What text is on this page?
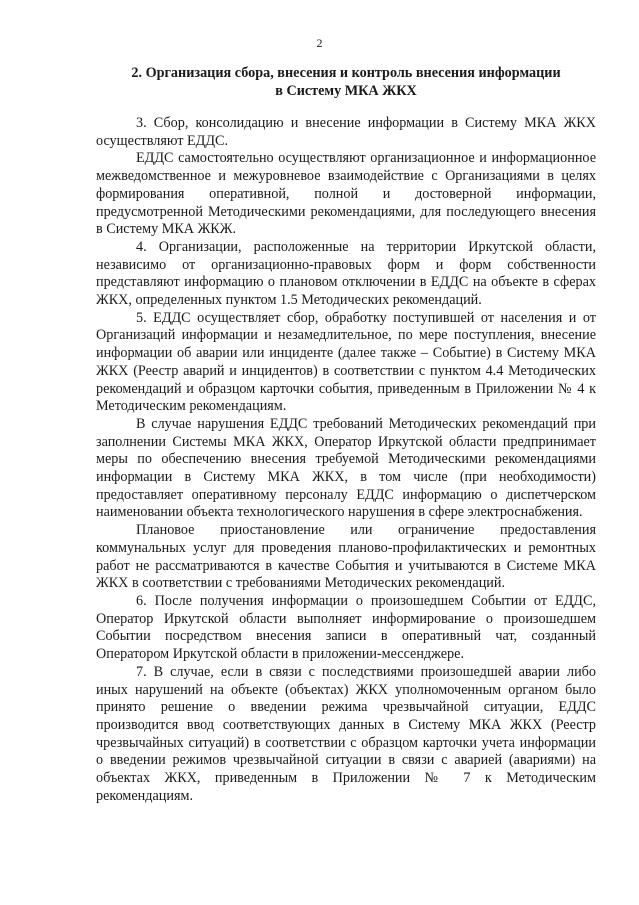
2
2. Организация сбора, внесения и контроль внесения информации
в Систему МКА ЖКХ

3. Сбор, консолидацию и внесение информации в Систему МКА ЖКХ осуществляют ЕДДС.

ЕДДС самостоятельно осуществляют организационное и информационное межведомственное и межуровневое взаимодействие с Организациями в целях формирования оперативной, полной и достоверной информации, предусмотренной Методическими рекомендациями, для последующего внесения в Систему МКА ЖКЖ.

4. Организации, расположенные на территории Иркутской области, независимо от организационно-правовых форм и форм собственности представляют информацию о плановом отключении в ЕДДС на объекте в сферах ЖКХ, определенных пунктом 1.5 Методических рекомендаций.

5. ЕДДС осуществляет сбор, обработку поступившей от населения и от Организаций информации и незамедлительное, по мере поступления, внесение информации об аварии или инциденте (далее также – Событие) в Систему МКА ЖКХ (Реестр аварий и инцидентов) в соответствии с пунктом 4.4 Методических рекомендаций и образцом карточки события, приведенным в Приложении № 4 к Методическим рекомендациям.

В случае нарушения ЕДДС требований Методических рекомендаций при заполнении Системы МКА ЖКХ, Оператор Иркутской области предпринимает меры по обеспечению внесения требуемой Методическими рекомендациями информации в Систему МКА ЖКХ, в том числе (при необходимости) предоставляет оперативному персоналу ЕДДС информацию о диспетчерском наименовании объекта технологического нарушения в сфере электроснабжения.

Плановое приостановление или ограничение предоставления коммунальных услуг для проведения планово-профилактических и ремонтных работ не рассматриваются в качестве События и учитываются в Системе МКА ЖКХ в соответствии с требованиями Методических рекомендаций.

6. После получения информации о произошедшем Событии от ЕДДС, Оператор Иркутской области выполняет информирование о произошедшем Событии посредством внесения записи в оперативный чат, созданный Оператором Иркутской области в приложении-мессенджере.

7. В случае, если в связи с последствиями произошедшей аварии либо иных нарушений на объекте (объектах) ЖКХ уполномоченным органом было принято решение о введении режима чрезвычайной ситуации, ЕДДС производится ввод соответствующих данных в Систему МКА ЖКХ (Реестр чрезвычайных ситуаций) в соответствии с образцом карточки учета информации о введении режимов чрезвычайной ситуации в связи с аварией (авариями) на объектах ЖКХ, приведенным в Приложении № 7 к Методическим рекомендациям.
